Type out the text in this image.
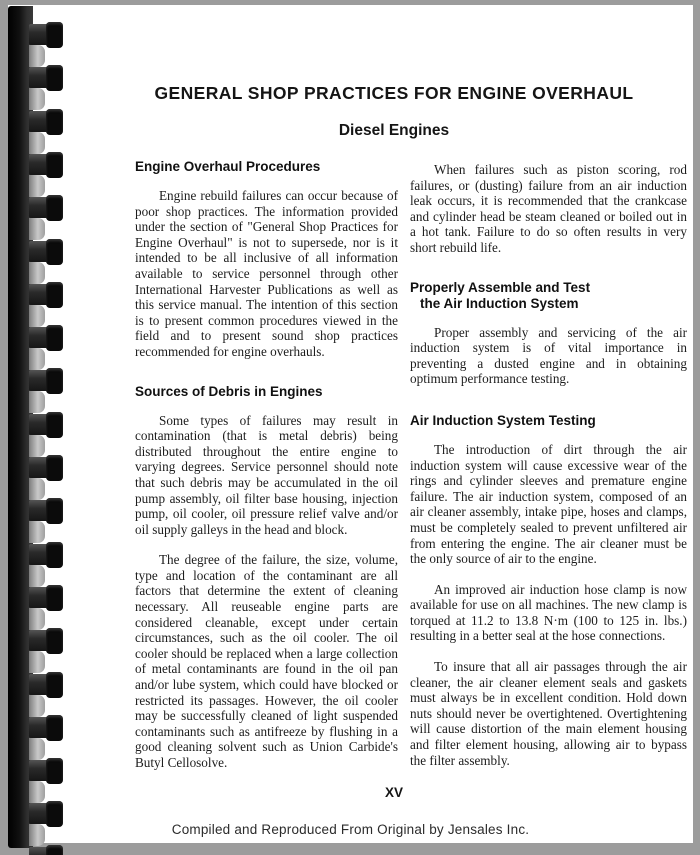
GENERAL SHOP PRACTICES FOR ENGINE OVERHAUL
Diesel Engines
Engine Overhaul Procedures

Engine rebuild failures can occur because of poor shop practices. The information provided under the section of "General Shop Practices for Engine Overhaul" is not to supersede, nor is it intended to be all inclusive of all information available to service personnel through other International Harvester Publications as well as this service manual. The intention of this section is to present common procedures viewed in the field and to present sound shop practices recommended for engine overhauls.

Sources of Debris in Engines

Some types of failures may result in contamination (that is metal debris) being distributed throughout the entire engine to varying degrees. Service personnel should note that such debris may be accumulated in the oil pump assembly, oil filter base housing, injection pump, oil cooler, oil pressure relief valve and/or oil supply galleys in the head and block.

The degree of the failure, the size, volume, type and location of the contaminant are all factors that determine the extent of cleaning necessary. All reuseable engine parts are considered cleanable, except under certain circumstances, such as the oil cooler. The oil cooler should be replaced when a large collection of metal contaminants are found in the oil pan and/or lube system, which could have blocked or restricted its passages. However, the oil cooler may be successfully cleaned of light suspended contaminants such as antifreeze by flushing in a good cleaning solvent such as Union Carbide's Butyl Cellosolve.

When failures such as piston scoring, rod failures, or (dusting) failure from an air induction leak occurs, it is recommended that the crankcase and cylinder head be steam cleaned or boiled out in a hot tank. Failure to do so often results in very short rebuild life.

Properly Assemble and Test
the Air Induction System

Proper assembly and servicing of the air induction system is of vital importance in preventing a dusted engine and in obtaining optimum performance testing.

Air Induction System Testing

The introduction of dirt through the air induction system will cause excessive wear of the rings and cylinder sleeves and premature engine failure. The air induction system, composed of an air cleaner assembly, intake pipe, hoses and clamps, must be completely sealed to prevent unfiltered air from entering the engine. The air cleaner must be the only source of air to the engine.

An improved air induction hose clamp is now available for use on all machines. The new clamp is torqued at 11.2 to 13.8 N·m (100 to 125 in. lbs.) resulting in a better seal at the hose connections.

To insure that all air passages through the air cleaner, the air cleaner element seals and gaskets must always be in excellent condition. Hold down nuts should never be overtightened. Overtightening will cause distortion of the main element housing and filter element housing, allowing air to bypass the filter assembly.

XV
Compiled and Reproduced From Original by Jensales Inc.
